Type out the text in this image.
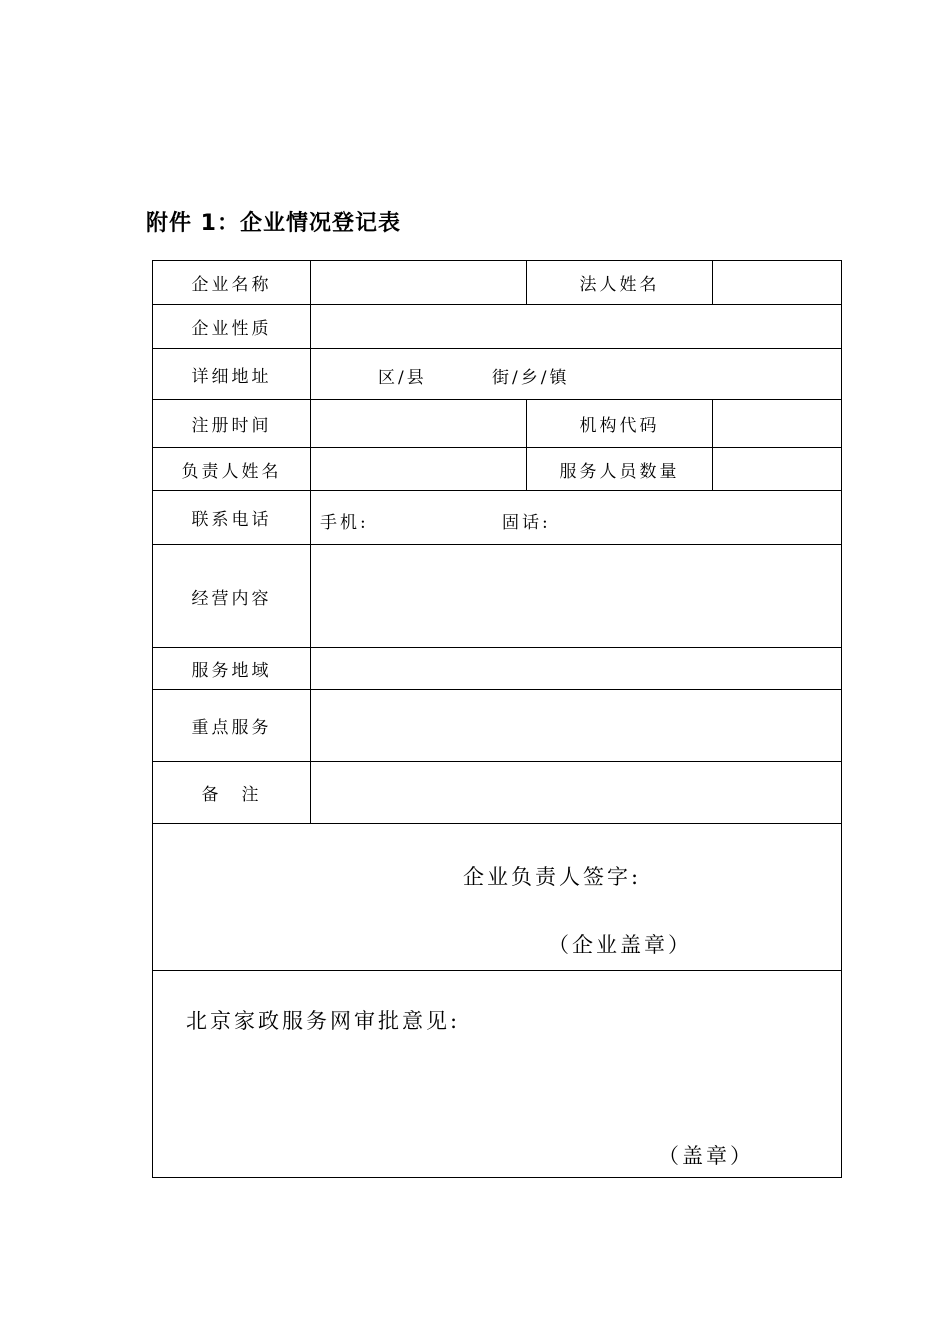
附件 1：企业情况登记表
企业名称	法人姓名
企业性质
详细地址	区/县	街/乡/镇
注册时间	机构代码
负责人姓名	服务人员数量
联系电话	手机:	固话:
经营内容
服务地域
重点服务
备　注
企业负责人签字:
（企业盖章）
北京家政服务网审批意见:
（盖章）
